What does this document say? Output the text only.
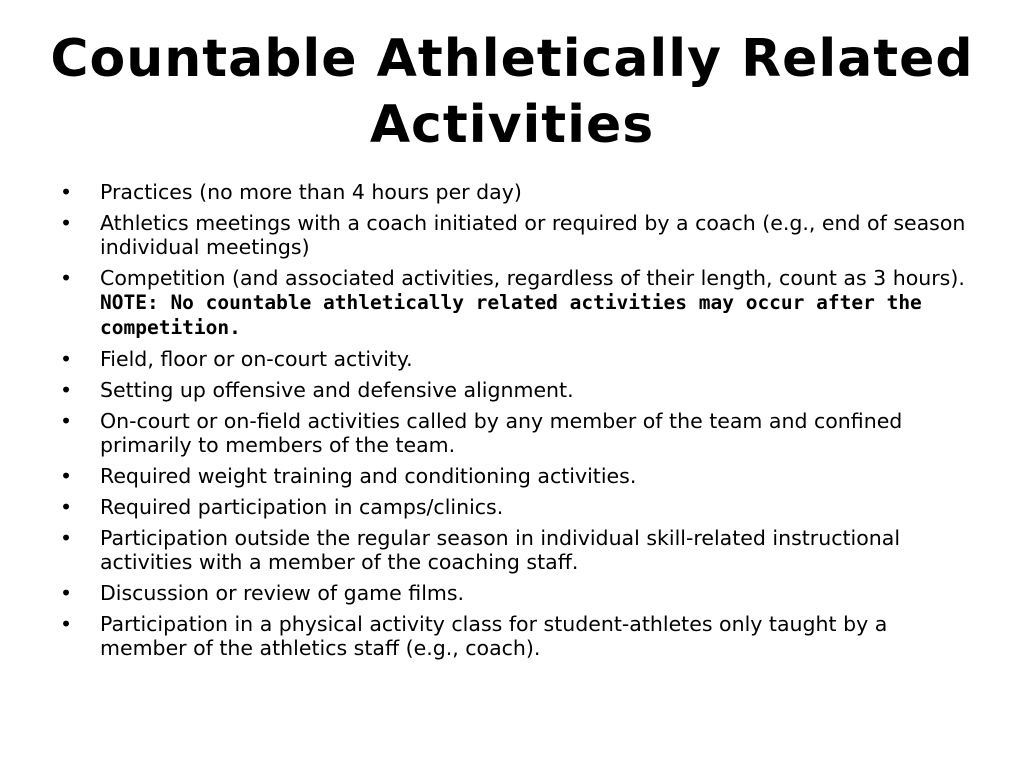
Countable Athletically Related Activities
•	Practices (no more than 4 hours per day)
•	Athletics meetings with a coach initiated or required by a coach (e.g., end of season individual meetings)
•	Competition (and associated activities, regardless of their length, count as 3 hours). NOTE: No countable athletically related activities may occur after the competition.
•	Field, floor or on-court activity.
•	Setting up offensive and defensive alignment.
•	On-court or on-field activities called by any member of the team and confined primarily to members of the team.
•	Required weight training and conditioning activities.
•	Required participation in camps/clinics.
•	Participation outside the regular season in individual skill-related instructional activities with a member of the coaching staff.
•	Discussion or review of game films.
•	Participation in a physical activity class for student-athletes only taught by a member of the athletics staff (e.g., coach).
